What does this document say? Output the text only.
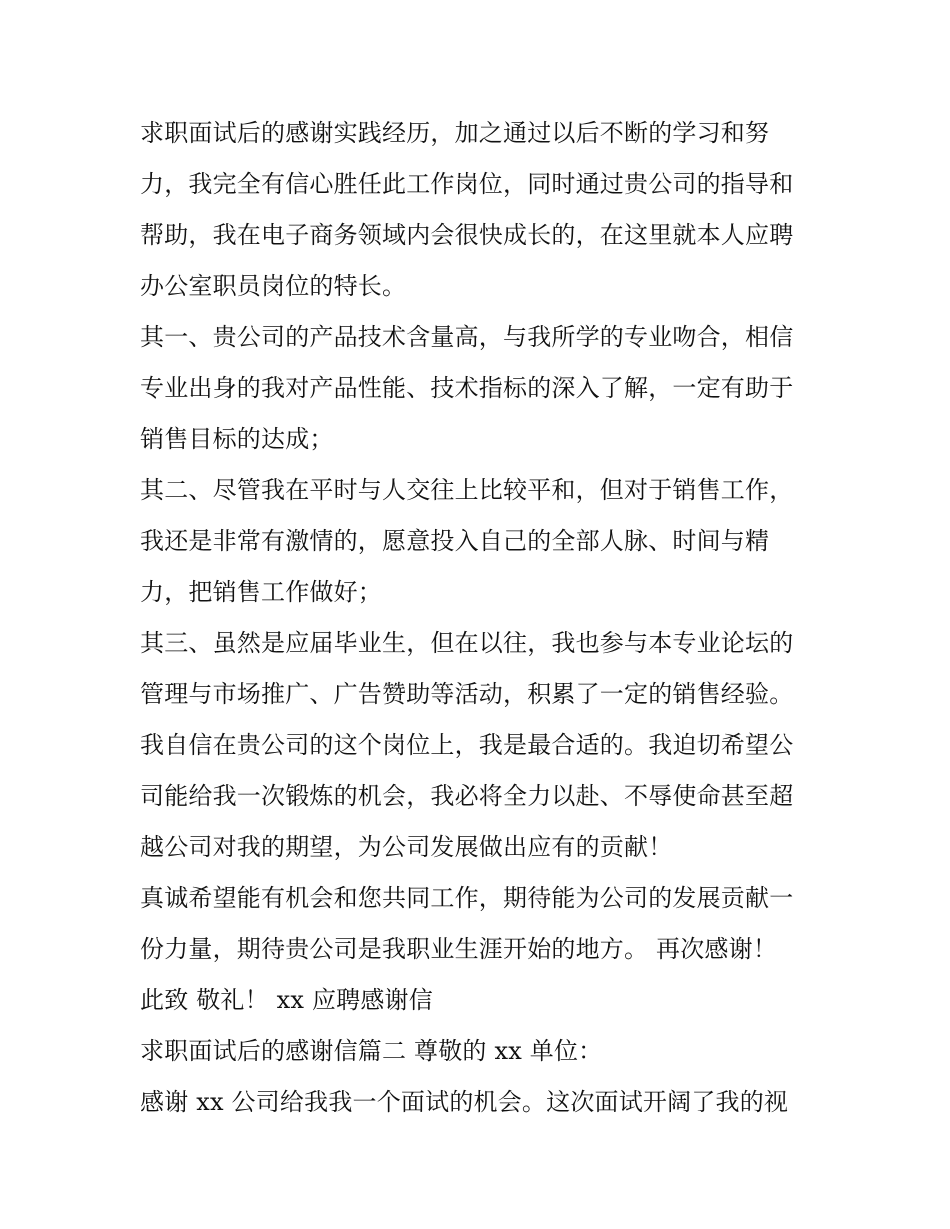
求职面试后的感谢实践经历，加之通过以后不断的学习和努
力，我完全有信心胜任此工作岗位，同时通过贵公司的指导和
帮助，我在电子商务领域内会很快成长的，在这里就本人应聘
办公室职员岗位的特长。
其一、贵公司的产品技术含量高，与我所学的专业吻合，相信
专业出身的我对产品性能、技术指标的深入了解，一定有助于
销售目标的达成；
其二、尽管我在平时与人交往上比较平和，但对于销售工作，
我还是非常有激情的，愿意投入自己的全部人脉、时间与精
力，把销售工作做好；
其三、虽然是应届毕业生，但在以往，我也参与本专业论坛的
管理与市场推广、广告赞助等活动，积累了一定的销售经验。
我自信在贵公司的这个岗位上，我是最合适的。我迫切希望公
司能给我一次锻炼的机会，我必将全力以赴、不辱使命甚至超
越公司对我的期望，为公司发展做出应有的贡献！
真诚希望能有机会和您共同工作，期待能为公司的发展贡献一
份力量，期待贵公司是我职业生涯开始的地方。 再次感谢！
此致 敬礼！ xx 应聘感谢信
求职面试后的感谢信篇二 尊敬的 xx 单位：
感谢 xx 公司给我我一个面试的机会。这次面试开阔了我的视
